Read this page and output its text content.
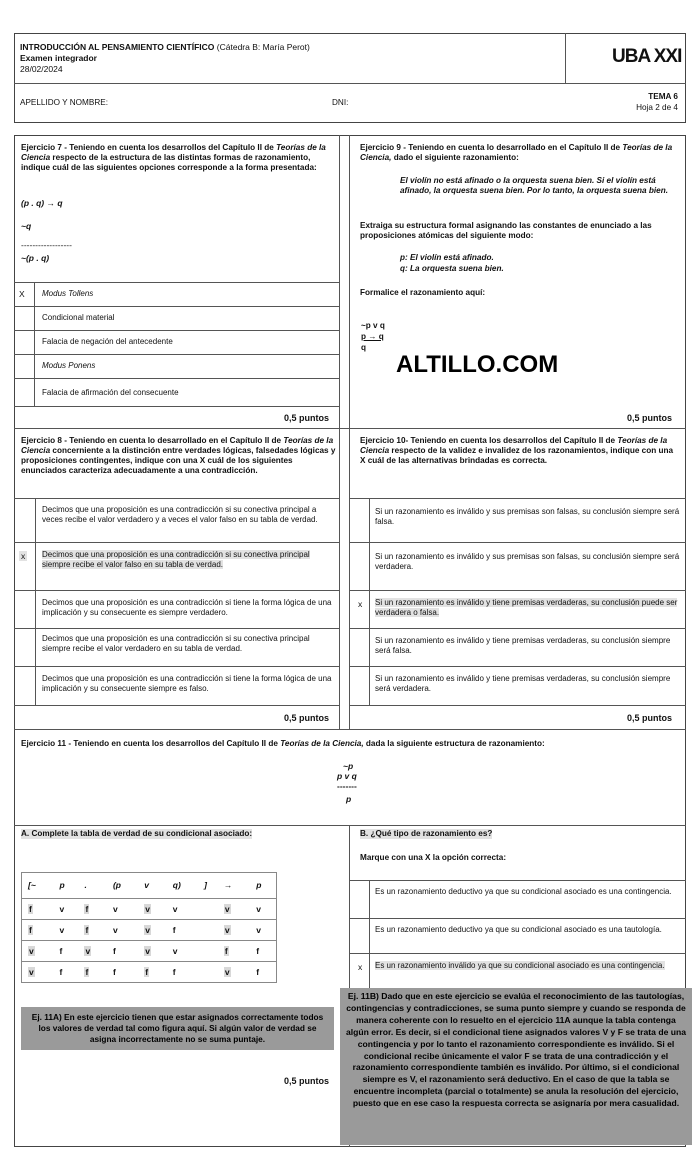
INTRODUCCIÓN AL PENSAMIENTO CIENTÍFICO (Cátedra B: María Perot)
Examen integrador
28/02/2024
UBA XXI
APELLIDO Y NOMBRE:	DNI:
TEMA 6
Hoja 2 de 4
Ejercicio 7 - Teniendo en cuenta los desarrollos del Capítulo II de Teorías de la Ciencia respecto de la estructura de las distintas formas de razonamiento, indique cuál de las siguientes opciones corresponde a la forma presentada:
(p . q) → q
~q
------------------
~(p . q)
X Modus Tollens
Condicional material
Falacia de negación del antecedente
Modus Ponens
Falacia de afirmación del consecuente
0,5 puntos
Ejercicio 9 - Teniendo en cuenta lo desarrollado en el Capítulo II de Teorías de la Ciencia, dado el siguiente razonamiento:
El violín no está afinado o la orquesta suena bien. Si el violín está afinado, la orquesta suena bien. Por lo tanto, la orquesta suena bien.
Extraiga su estructura formal asignando las constantes de enunciado a las proposiciones atómicas del siguiente modo:
p: El violín está afinado.
q: La orquesta suena bien.
Formalice el razonamiento aquí:
~p v q
p → q
q
ALTILLO.COM
0,5 puntos
Ejercicio 8 - Teniendo en cuenta lo desarrollado en el Capítulo II de Teorías de la Ciencia concerniente a la distinción entre verdades lógicas, falsedades lógicas y proposiciones contingentes, indique con una X cuál de los siguientes enunciados caracteriza adecuadamente a una contradicción.
Decimos que una proposición es una contradicción si su conectiva principal a veces recibe el valor verdadero y a veces el valor falso en su tabla de verdad.
x Decimos que una proposición es una contradicción si su conectiva principal siempre recibe el valor falso en su tabla de verdad.
Decimos que una proposición es una contradicción si tiene la forma lógica de una implicación y su consecuente es siempre verdadero.
Decimos que una proposición es una contradicción si su conectiva principal siempre recibe el valor verdadero en su tabla de verdad.
Decimos que una proposición es una contradicción si tiene la forma lógica de una implicación y su consecuente siempre es falso.
0,5 puntos
Ejercicio 10- Teniendo en cuenta los desarrollos del Capítulo II de Teorías de la Ciencia respecto de la validez e invalidez de los razonamientos, indique con una X cuál de las alternativas brindadas es correcta.
Si un razonamiento es inválido y sus premisas son falsas, su conclusión siempre será falsa.
Si un razonamiento es inválido y sus premisas son falsas, su conclusión siempre será verdadera.
x Si un razonamiento es inválido y tiene premisas verdaderas, su conclusión puede ser verdadera o falsa.
Si un razonamiento es inválido y tiene premisas verdaderas, su conclusión siempre será falsa.
Si un razonamiento es inválido y tiene premisas verdaderas, su conclusión siempre será verdadera.
0,5 puntos
Ejercicio 11 - Teniendo en cuenta los desarrollos del Capítulo II de Teorías de la Ciencia, dada la siguiente estructura de razonamiento:
~p
p v q
-------
p
A. Complete la tabla de verdad de su condicional asociado:
[~	p	.	(p	v	q)	]	→	p
f	v	f	v	v	v		v	v
f	v	f	v	v	f		v	v
v	f	v	f	v	v		f	f
v	f	f	f	f	f		v	f
Ej. 11A) En este ejercicio tienen que estar asignados correctamente todos los valores de verdad tal como figura aquí. Si algún valor de verdad se asigna incorrectamente no se suma puntaje.
0,5 puntos
B. ¿Qué tipo de razonamiento es?
Marque con una X la opción correcta:
Es un razonamiento deductivo ya que su condicional asociado es una contingencia.
Es un razonamiento deductivo ya que su condicional asociado es una tautología.
x Es un razonamiento inválido ya que su condicional asociado es una contingencia.
Ej. 11B) Dado que en este ejercicio se evalúa el reconocimiento de las tautologías, contingencias y contradicciones, se suma punto siempre y cuando se responda de manera coherente con lo resuelto en el ejercicio 11A aunque la tabla contenga algún error. Es decir, si el condicional tiene asignados valores V y F se trata de una contingencia y por lo tanto el razonamiento correspondiente es inválido. Si el condicional recibe únicamente el valor F se trata de una contradicción y el razonamiento correspondiente también es inválido. Por último, si el condicional siempre es V, el razonamiento será deductivo. En el caso de que la tabla se encuentre incompleta (parcial o totalmente) se anula la resolución del ejercicio, puesto que en ese caso la respuesta correcta se asignaría por mera casualidad.
